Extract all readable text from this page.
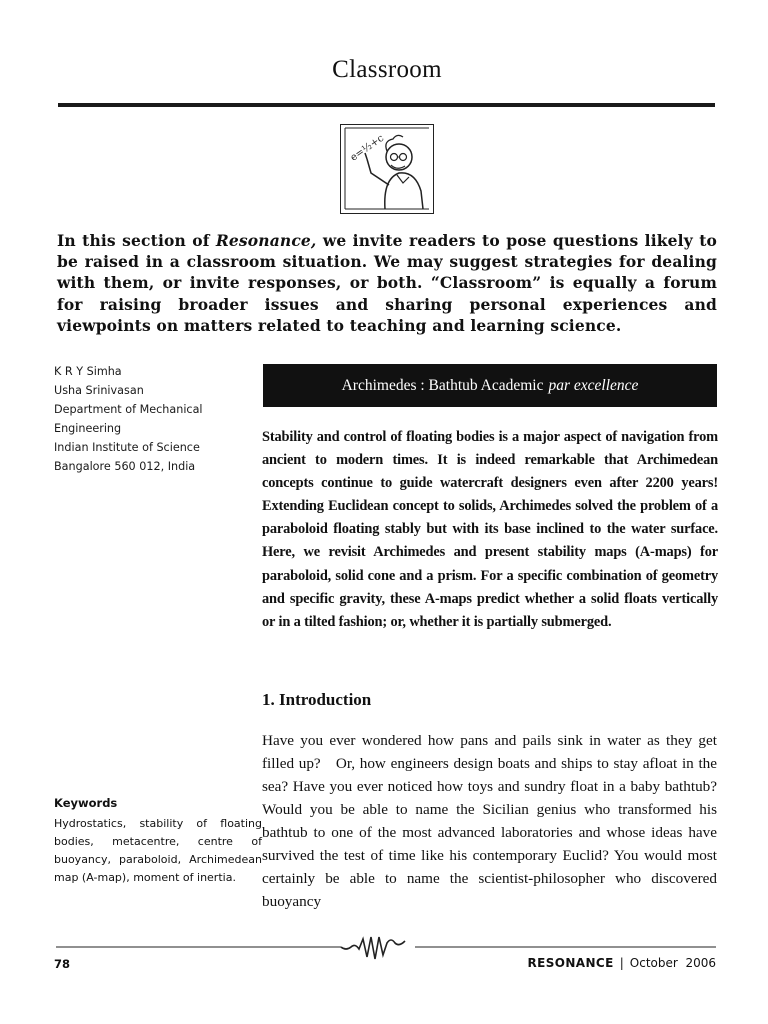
Classroom
e=½+c
In this section of Resonance, we invite readers to pose questions likely to be raised in a classroom situation. We may suggest strategies for dealing with them, or invite responses, or both. “Classroom” is equally a forum for raising broader issues and sharing personal experiences and viewpoints on matters related to teaching and learning science.
K R Y Simha
Usha Srinivasan
Department of Mechanical
Engineering
Indian Institute of Science
Bangalore 560 012, India
Archimedes : Bathtub Academic par excellence
Stability and control of floating bodies is a major aspect of navigation from ancient to modern times. It is indeed remarkable that Archimedean concepts continue to guide watercraft designers even after 2200 years! Extending Euclidean concept to solids, Archimedes solved the problem of a paraboloid floating stably but with its base inclined to the water surface. Here, we revisit Archimedes and present stability maps (A-maps) for paraboloid, solid cone and a prism. For a specific combination of geometry and specific gravity, these A-maps predict whether a solid floats vertically or in a tilted fashion; or, whether it is partially submerged.
1. Introduction
Have you ever wondered how pans and pails sink in water as they get filled up? Or, how engineers design boats and ships to stay afloat in the sea? Have you ever noticed how toys and sundry float in a baby bathtub? Would you be able to name the Sicilian genius who transformed his bathtub to one of the most advanced laboratories and whose ideas have survived the test of time like his contemporary Euclid? You would most certainly be able to name the scientist-philosopher who discovered buoyancy
Keywords
Hydrostatics, stability of floating bodies, metacentre, centre of buoyancy, paraboloid, Archimedean map (A-map), moment of inertia.
78	RESONANCE | October 2006
